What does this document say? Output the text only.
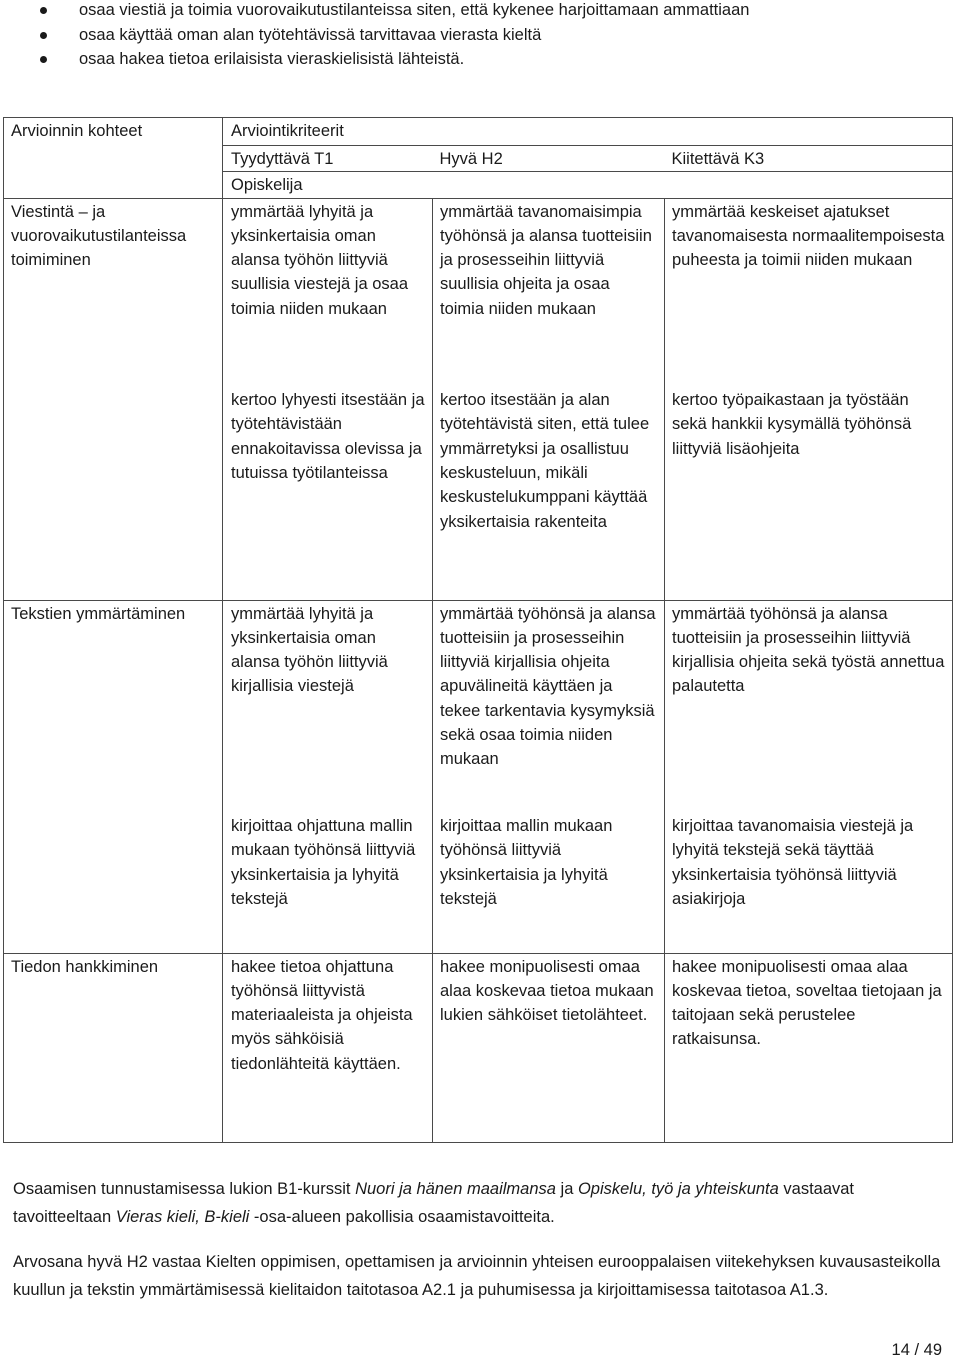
osaa viestiä ja toimia vuorovaikutustilanteissa siten, että kykenee harjoittamaan ammattiaan
osaa käyttää oman alan työtehtävissä tarvittavaa vierasta kieltä
osaa hakea tietoa erilaisista vieraskielisistä lähteistä.
Arvioinnin kohteet	Arviointikriteerit		
	Tyydyttävä T1	Hyvä H2	Kiitettävä K3
	Opiskelija		
Viestintä – ja vuorovaikutustilanteissa toimiminen	ymmärtää lyhyitä ja yksinkertaisia oman alansa työhön liittyviä suullisia viestejä ja osaa toimia niiden mukaan	ymmärtää tavanomaisimpia työhönsä ja alansa tuotteisiin ja prosesseihin liittyviä suullisia ohjeita ja osaa toimia niiden mukaan	ymmärtää keskeiset ajatukset tavanomaisesta normaalitempoisesta puheesta ja toimii niiden mukaan
	kertoo lyhyesti itsestään ja työtehtävistään ennakoitavissa olevissa ja tutuissa työtilanteissa	kertoo itsestään ja alan työtehtävistä siten, että tulee ymmärretyksi ja osallistuu keskusteluun, mikäli keskustelukumppani käyttää yksikertaisia rakenteita	kertoo työpaikastaan ja työstään sekä hankkii kysymällä työhönsä liittyviä lisäohjeita
Tekstien ymmärtäminen	ymmärtää lyhyitä ja yksinkertaisia oman alansa työhön liittyviä kirjallisia viestejä	ymmärtää työhönsä ja alansa tuotteisiin ja prosesseihin liittyviä kirjallisia ohjeita apuvälineitä käyttäen ja tekee tarkentavia kysymyksiä sekä osaa toimia niiden mukaan	ymmärtää työhönsä ja alansa tuotteisiin ja prosesseihin liittyviä kirjallisia ohjeita sekä työstä annettua palautetta
	kirjoittaa ohjattuna mallin mukaan työhönsä liittyviä yksinkertaisia ja lyhyitä tekstejä	kirjoittaa mallin mukaan työhönsä liittyviä yksinkertaisia ja lyhyitä tekstejä	kirjoittaa tavanomaisia viestejä ja lyhyitä tekstejä sekä täyttää yksinkertaisia työhönsä liittyviä asiakirjoja
Tiedon hankkiminen	hakee tietoa ohjattuna työhönsä liittyvistä materiaaleista ja ohjeista myös sähköisiä tiedonlähteitä käyttäen.	hakee monipuolisesti omaa alaa koskevaa tietoa mukaan lukien sähköiset tietolähteet.	hakee monipuolisesti omaa alaa koskevaa tietoa, soveltaa tietojaan ja taitojaan sekä perustelee ratkaisunsa.
Osaamisen tunnustamisessa lukion B1-kurssit Nuori ja hänen maailmansa ja Opiskelu, työ ja yhteiskunta vastaavat tavoitteeltaan Vieras kieli, B-kieli -osa-alueen pakollisia osaamistavoitteita.
Arvosana hyvä H2 vastaa Kielten oppimisen, opettamisen ja arvioinnin yhteisen eurooppalaisen viitekehyksen kuvausasteikolla kuullun ja tekstin ymmärtämisessä kielitaidon taitotasoa A2.1 ja puhumisessa ja kirjoittamisessa taitotasoa A1.3.
14 / 49
